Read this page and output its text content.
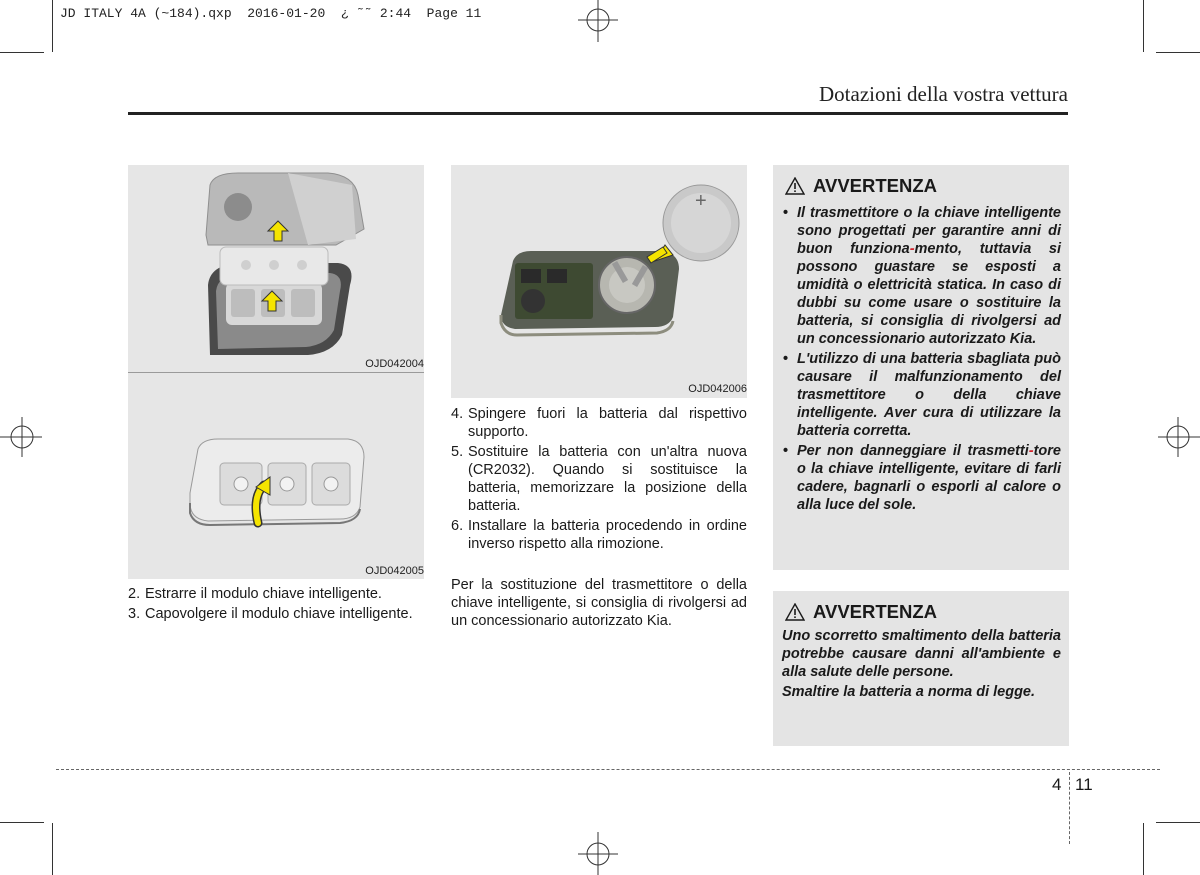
JD ITALY 4A (~184).qxp  2016-01-20  ¿ ˜˜ 2:44  Page 11
Dotazioni della vostra vettura
OJD042004
OJD042005
2. Estrarre il modulo chiave intelligente.
3. Capovolgere il modulo chiave intelligente.
+
OJD042006
4. Spingere fuori la batteria dal rispettivo supporto.
5. Sostituire la batteria con un'altra nuova (CR2032). Quando si sostituisce la batteria, memorizzare la posizione della batteria.
6. Installare la batteria procedendo in ordine inverso rispetto alla rimozione.
Per la sostituzione del trasmettitore o della chiave intelligente, si consiglia di rivolgersi ad un concessionario autorizzato Kia.
AVVERTENZA
• Il trasmettitore o la chiave intelligente sono progettati per garantire anni di buon funziona-mento, tuttavia si possono guastare se esposti a umidità o elettricità statica. In caso di dubbi su come usare o sostituire la batteria, si consiglia di rivolgersi ad un concessionario autorizzato Kia.
• L'utilizzo di una batteria sbagliata può causare il malfunzionamento del trasmettitore o della chiave intelligente. Aver cura di utilizzare la batteria corretta.
• Per non danneggiare il trasmetti-tore o la chiave intelligente, evitare di farli cadere, bagnarli o esporli al calore o alla luce del sole.
AVVERTENZA

Uno scorretto smaltimento della batteria potrebbe causare danni all'ambiente e alla salute delle persone.

Smaltire la batteria a norma di legge.

4 11
